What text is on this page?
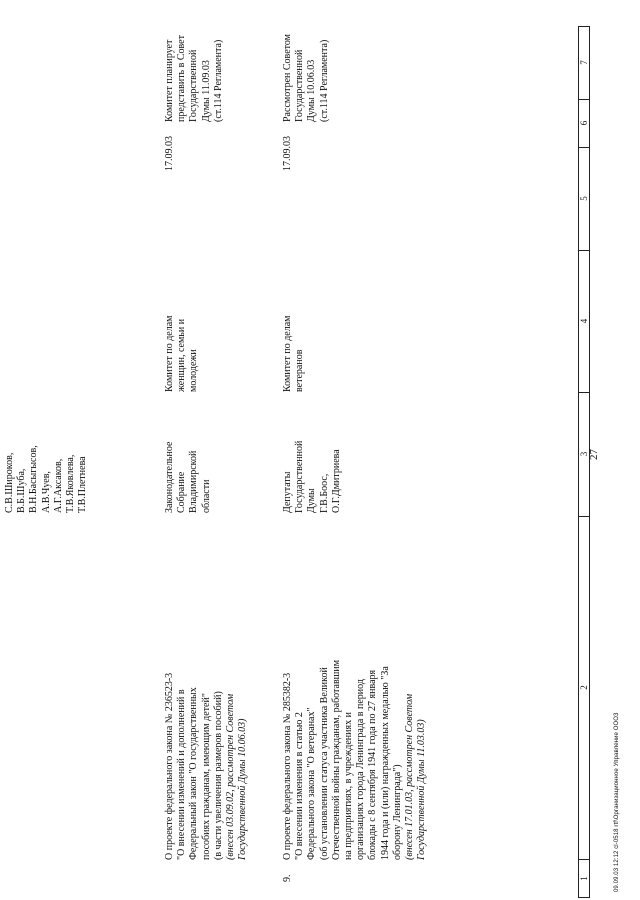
27
1
2
3
4
5
6
7
С.В.Широков, В.Б.Шуба, В.Н.Басыгысов, А.В.Чуев, А.Г.Аксаков, Т.В.Яковлева, Т.В.Плетнева
О проекте федерального закона № 236523-3 "О внесении изменений и дополнений в Федеральный закон "О государственных пособиях гражданам, имеющим детей" (в части увеличения размеров пособий) (внесен 03.09.02, рассмотрен Советом Государственной Думы 10.06.03)
Законодательное Собрание Владимирской области
Комитет по делам женщин, семьи и молодежи
17.09.03
Комитет планирует представить в Совет Государственной Думы 11.09.03 (ст.114 Регламента)
9.
О проекте федерального закона № 285382-3 "О внесении изменения в статью 2 Федерального закона "О ветеранах" (об установлении статуса участника Великой Отечественной войны гражданам, работавшим на предприятиях, в учреждениях и организациях города Ленинграда в период блокады с 8 сентября 1941 года по 27 января 1944 года и (или) награжденных медалью "За оборону Ленинграда") (внесен 17.01.03, рассмотрен Советом Государственной Думы 11.03.03)
Депутаты Государственной Думы Г.В.Боос, О.Г.Дмитриева
Комитет по делам ветеранов
17.09.03
Рассмотрен Советом Государственной Думы 10.06.03 (ст.114 Регламента)
09.09.03 12:12 cl-0518 rtf\Организационное Управление ООО3
